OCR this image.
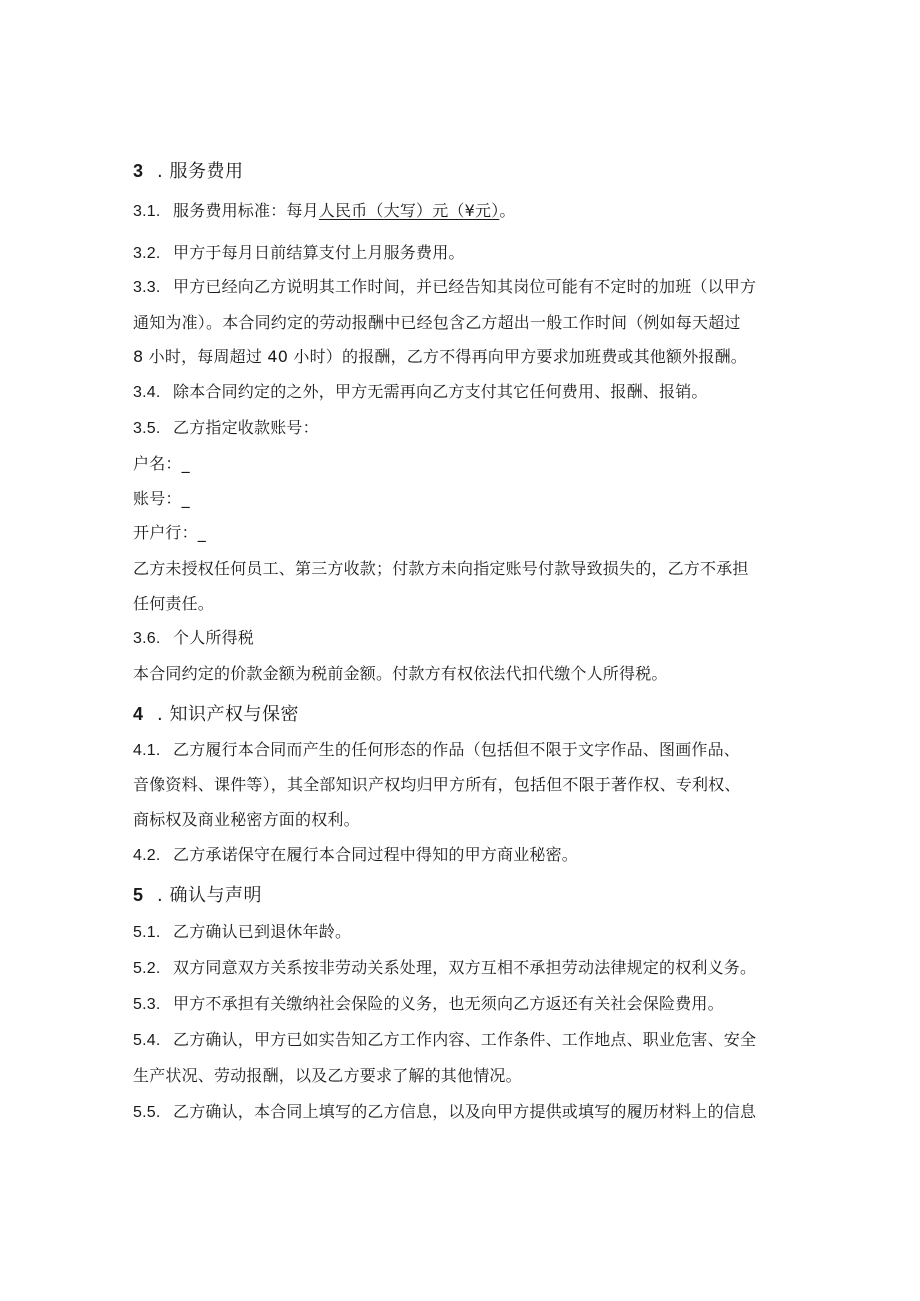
3 . 服务费用
3.1. 服务费用标准：每月人民币（大写）元（¥元）。
3.2. 甲方于每月日前结算支付上月服务费用。
3.3. 甲方已经向乙方说明其工作时间，并已经告知其岗位可能有不定时的加班（以甲方
通知为准）。本合同约定的劳动报酬中已经包含乙方超出一般工作时间（例如每天超过
8 小时，每周超过 40 小时）的报酬，乙方不得再向甲方要求加班费或其他额外报酬。
3.4. 除本合同约定的之外，甲方无需再向乙方支付其它任何费用、报酬、报销。
3.5. 乙方指定收款账号：
户名：_
账号：_
开户行：_
乙方未授权任何员工、第三方收款；付款方未向指定账号付款导致损失的，乙方不承担
任何责任。
3.6. 个人所得税
本合同约定的价款金额为税前金额。付款方有权依法代扣代缴个人所得税。
4 . 知识产权与保密
4.1. 乙方履行本合同而产生的任何形态的作品（包括但不限于文字作品、图画作品、
音像资料、课件等），其全部知识产权均归甲方所有，包括但不限于著作权、专利权、
商标权及商业秘密方面的权利。
4.2. 乙方承诺保守在履行本合同过程中得知的甲方商业秘密。
5 . 确认与声明
5.1. 乙方确认已到退休年龄。
5.2. 双方同意双方关系按非劳动关系处理，双方互相不承担劳动法律规定的权利义务。
5.3. 甲方不承担有关缴纳社会保险的义务，也无须向乙方返还有关社会保险费用。
5.4. 乙方确认，甲方已如实告知乙方工作内容、工作条件、工作地点、职业危害、安全
生产状况、劳动报酬，以及乙方要求了解的其他情况。
5.5. 乙方确认，本合同上填写的乙方信息，以及向甲方提供或填写的履历材料上的信息
